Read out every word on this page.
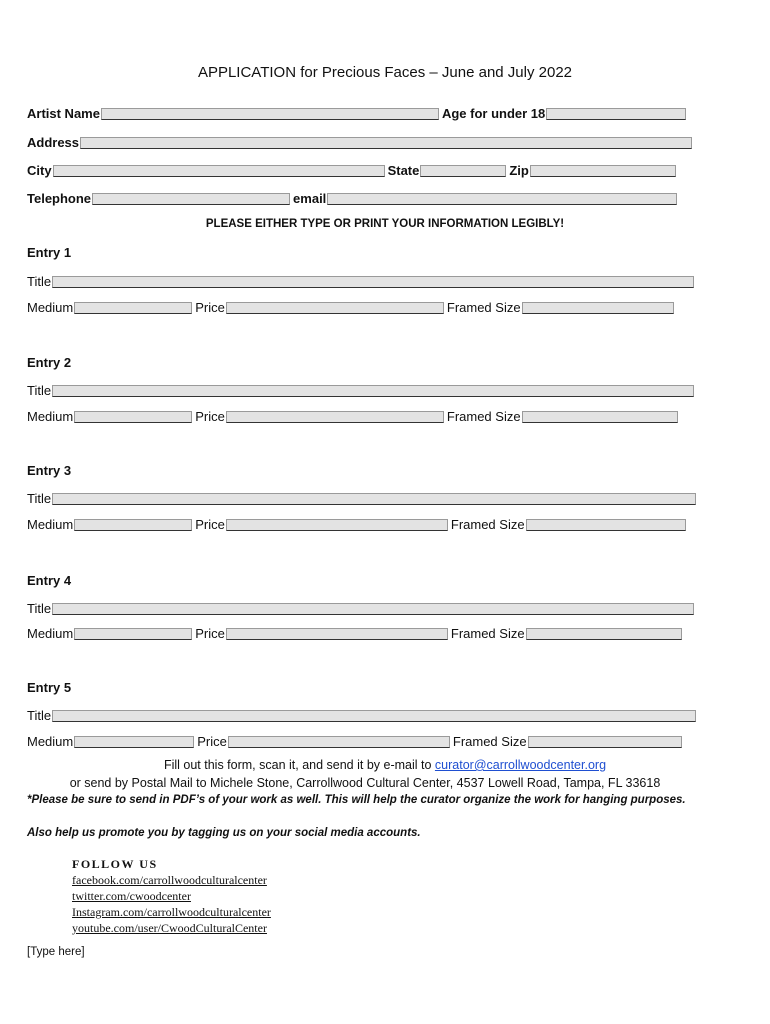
APPLICATION for Precious Faces – June and July 2022
Artist Name	Age for under 18
Address
City	State	Zip
Telephone	email
PLEASE EITHER TYPE OR PRINT YOUR INFORMATION LEGIBLY!
Entry 1
Title
Medium	Price	Framed Size
Entry 2
Title
Medium	Price	Framed Size
Entry 3
Title
Medium	Price	Framed Size
Entry 4
Title
Medium	Price	Framed Size
Entry 5
Title
Medium	Price	Framed Size
Fill out this form, scan it, and send it by e-mail to curator@carrollwoodcenter.org
or send by Postal Mail to Michele Stone, Carrollwood Cultural Center, 4537 Lowell Road, Tampa, FL 33618
*Please be sure to send in PDF’s of your work as well. This will help the curator organize the work for hanging purposes.
Also help us promote you by tagging us on your social media accounts.
FOLLOW US
facebook.com/carrollwoodculturalcenter
twitter.com/cwoodcenter
Instagram.com/carrollwoodculturalcenter
youtube.com/user/CwoodCulturalCenter
[Type here]
